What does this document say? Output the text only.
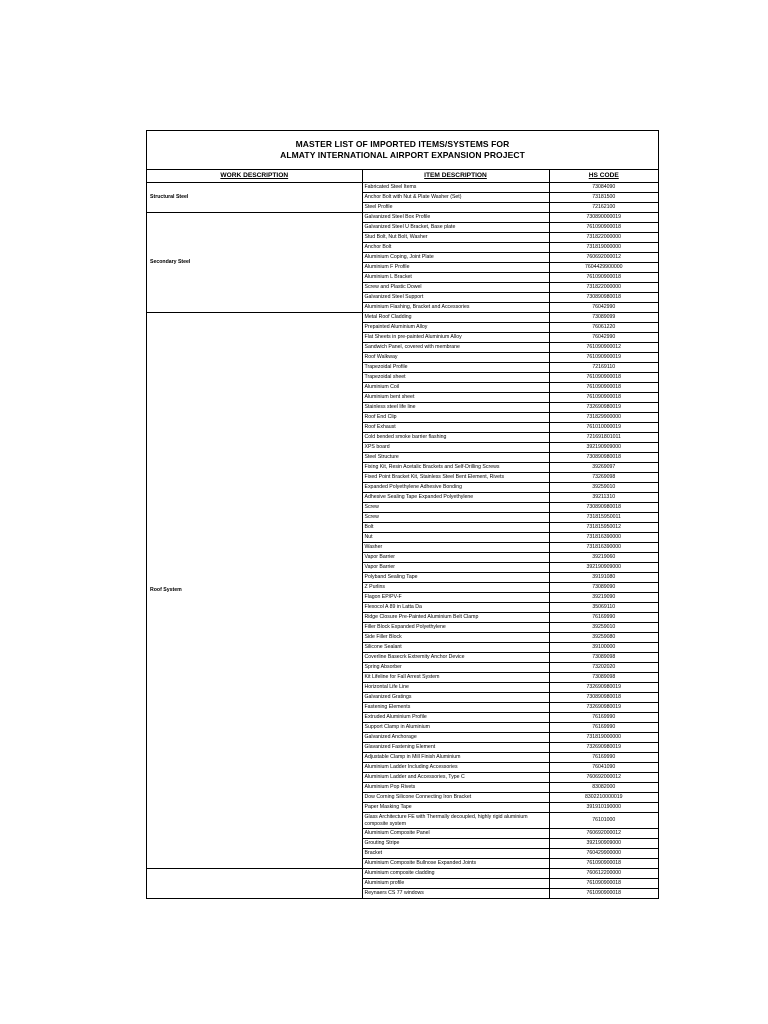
MASTER LIST OF IMPORTED ITEMS/SYSTEMS FOR
ALMATY INTERNATIONAL AIRPORT EXPANSION PROJECT
WORK DESCRIPTION	ITEM DESCRIPTION	HS CODE
Structural Steel	Fabricated Steel Items	73084090
	Anchor Bolt with Nut & Plate Washer (Set)	73181500
	Steel Profile	72162100
Secondary Steel	Galvanized Steel Box Profile	730890000019
	Galvanized Steel U Bracket, Base plate	761090900018
	Stud Bolt, Nut Bolt, Washer	731822000000
	Anchor Bolt	731819000000
	Aluminium Coping, Joint Plate	760692000012
	Aluminium F Profile	7604429900000
	Aluminium L Bracket	761090900018
	Screw and Plastic Dowel	731822000000
	Galvanized Steel Support	730890980018
	Aluminium Flashing, Bracket and Accessories	76042990
Roof System	Metal Roof Cladding	73089099
	Prepainted Aluminium Alloy	76061220
	Flat Sheets in pre-painted Aluminium Alloy	76042990
	Sandwich Panel, covered with membrane	761090900012
	Roof Walkway	761090900019
	Trapezoidal Profile	72169110
	Trapezoidal sheet	761090900018
	Aluminium Coil	761090900018
	Aluminium bent sheet	761090900018
	Stainless steel life line	732690980019
	Roof End Clip	731829900000
	Roof Exhaust	761010000019
	Cold bended smoke barrier flashing	721691801011
	XPS board	392190909000
	Steel Structure	730890980018
	Fixing Kit, Resin Acetalic Brackets and Self-Drilling Screws	39269097
	Fixed Point Bracket Kit, Stainless Steel Bent Element, Rivets	73269098
	Expanded Polyethylene Adhesive Bonding	39259010
	Adhesive Sealing Tape Expanded Polyethylene	39211310
	Screw	730890980018
	Screw	731815950011
	Bolt	731815950012
	Nut	731816390000
	Washer	731816390000
	Vapor Barrier	39219060
	Vapor Barrier	392190909000
	Polyband Sealing Tape	39191080
	Z Purlins	73089090
	Flagon EP/PV-F	39219090
	Flexocol A 89 in Latta Da	35069110
	Ridge Closure Pre-Painted Aluminium Belt Clamp	76169990
	Filler Block Expanded Polyethylene	39259010
	Side Filler Block	39259080
	Silicone Sealant	39100000
	Coverline Basecrk Extremity Anchor Device	73089098
	Spring Absorber	73202020
	Kit Lifeline for Fall Arrest System	73089098
	Horizontal Life Line	732690980019
	Galvanized Gratings	730890980018
	Fastening Elements	732690980019
	Extruded Aluminium Profile	76169990
	Support Clamp in Aluminium	76169990
	Galvanized Anchorage	731819000000
	Glavanized Fastening Element	732690980019
	Adjustable Clamp in Mill Finish Aluminium	76169990
	Aluminium Ladder Including Accessories	76041090
	Aluminium Ladder and Accessories, Type C	760692000012
	Aluminium Pop Rivets	83082000
	Dow Corning Silicone Connecting Iron Bracket	8302210000019
	Paper Masking Tape	391910190000
	Glass Architecture FE with Thermally decoupled, highly rigid aluminium composite system	76101000
	Aluminium Composite Panel	760692000012
	Grouting Stripe	392190909000
	Bracket	760429900000
	Aluminium Composite Bullnose Expanded Joints	761090900018
	Aluminium composite cladding	760612200000
	Aluminium profile	761090900018
	Reynaers CS 77 windows	761090900018
